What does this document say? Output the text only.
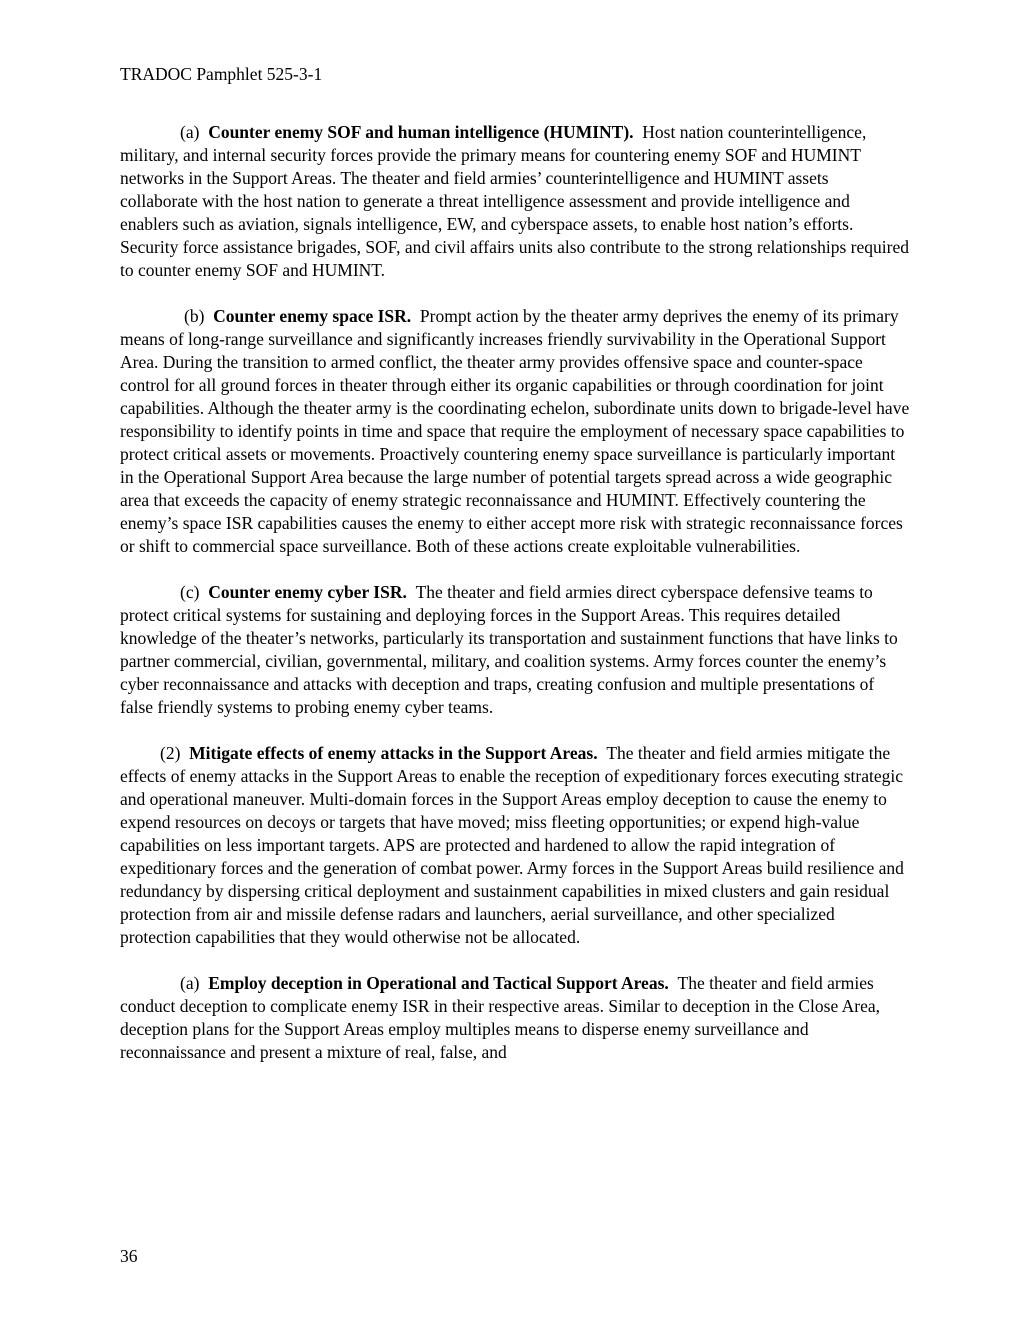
TRADOC Pamphlet 525-3-1

(a) Counter enemy SOF and human intelligence (HUMINT). Host nation counterintelligence, military, and internal security forces provide the primary means for countering enemy SOF and HUMINT networks in the Support Areas. The theater and field armies’ counterintelligence and HUMINT assets collaborate with the host nation to generate a threat intelligence assessment and provide intelligence and enablers such as aviation, signals intelligence, EW, and cyberspace assets, to enable host nation’s efforts. Security force assistance brigades, SOF, and civil affairs units also contribute to the strong relationships required to counter enemy SOF and HUMINT.

(b) Counter enemy space ISR. Prompt action by the theater army deprives the enemy of its primary means of long-range surveillance and significantly increases friendly survivability in the Operational Support Area. During the transition to armed conflict, the theater army provides offensive space and counter-space control for all ground forces in theater through either its organic capabilities or through coordination for joint capabilities. Although the theater army is the coordinating echelon, subordinate units down to brigade-level have responsibility to identify points in time and space that require the employment of necessary space capabilities to protect critical assets or movements. Proactively countering enemy space surveillance is particularly important in the Operational Support Area because the large number of potential targets spread across a wide geographic area that exceeds the capacity of enemy strategic reconnaissance and HUMINT. Effectively countering the enemy’s space ISR capabilities causes the enemy to either accept more risk with strategic reconnaissance forces or shift to commercial space surveillance. Both of these actions create exploitable vulnerabilities.

(c) Counter enemy cyber ISR. The theater and field armies direct cyberspace defensive teams to protect critical systems for sustaining and deploying forces in the Support Areas. This requires detailed knowledge of the theater’s networks, particularly its transportation and sustainment functions that have links to partner commercial, civilian, governmental, military, and coalition systems. Army forces counter the enemy’s cyber reconnaissance and attacks with deception and traps, creating confusion and multiple presentations of false friendly systems to probing enemy cyber teams.

(2) Mitigate effects of enemy attacks in the Support Areas. The theater and field armies mitigate the effects of enemy attacks in the Support Areas to enable the reception of expeditionary forces executing strategic and operational maneuver. Multi-domain forces in the Support Areas employ deception to cause the enemy to expend resources on decoys or targets that have moved; miss fleeting opportunities; or expend high-value capabilities on less important targets. APS are protected and hardened to allow the rapid integration of expeditionary forces and the generation of combat power. Army forces in the Support Areas build resilience and redundancy by dispersing critical deployment and sustainment capabilities in mixed clusters and gain residual protection from air and missile defense radars and launchers, aerial surveillance, and other specialized protection capabilities that they would otherwise not be allocated.

(a) Employ deception in Operational and Tactical Support Areas. The theater and field armies conduct deception to complicate enemy ISR in their respective areas. Similar to deception in the Close Area, deception plans for the Support Areas employ multiples means to disperse enemy surveillance and reconnaissance and present a mixture of real, false, and

36
